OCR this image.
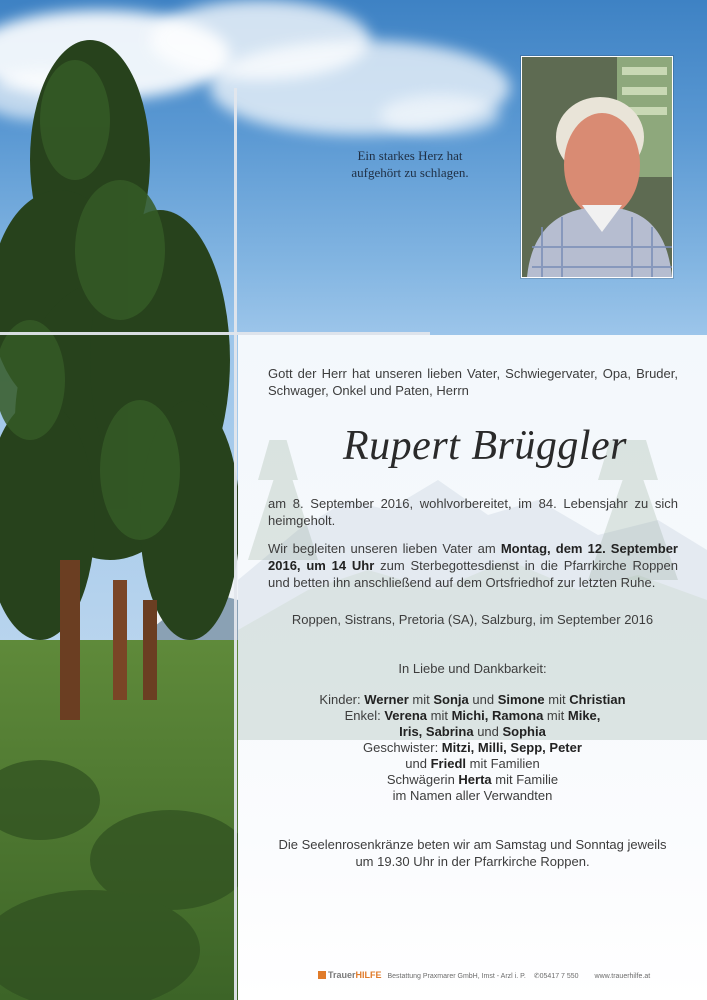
Ein starkes Herz hat
aufgehört zu schlagen.
Gott der Herr hat unseren lieben Vater, Schwiegervater, Opa, Bruder, Schwager, Onkel und Paten, Herrn
Rupert Brüggler
am 8. September 2016, wohlvorbereitet, im 84. Lebensjahr zu sich heimgeholt.
Wir begleiten unseren lieben Vater am Montag, dem 12. September 2016, um 14 Uhr zum Sterbegottesdienst in die Pfarrkirche Roppen und betten ihn anschließend auf dem Ortsfriedhof zur letzten Ruhe.
Roppen, Sistrans, Pretoria (SA), Salzburg, im September 2016
In Liebe und Dankbarkeit:
Kinder: Werner mit Sonja und Simone mit Christian
Enkel: Verena mit Michi, Ramona mit Mike,
Iris, Sabrina und Sophia
Geschwister: Mitzi, Milli, Sepp, Peter
und Friedl mit Familien
Schwägerin Herta mit Familie
im Namen aller Verwandten
Die Seelenrosenkränze beten wir am Samstag und Sonntag jeweils
um 19.30 Uhr in der Pfarrkirche Roppen.
TrauerHILFE Bestattung Praxmarer GmbH, Imst - Arzl i. P. ✆05417 7 550 www.trauerhilfe.at
